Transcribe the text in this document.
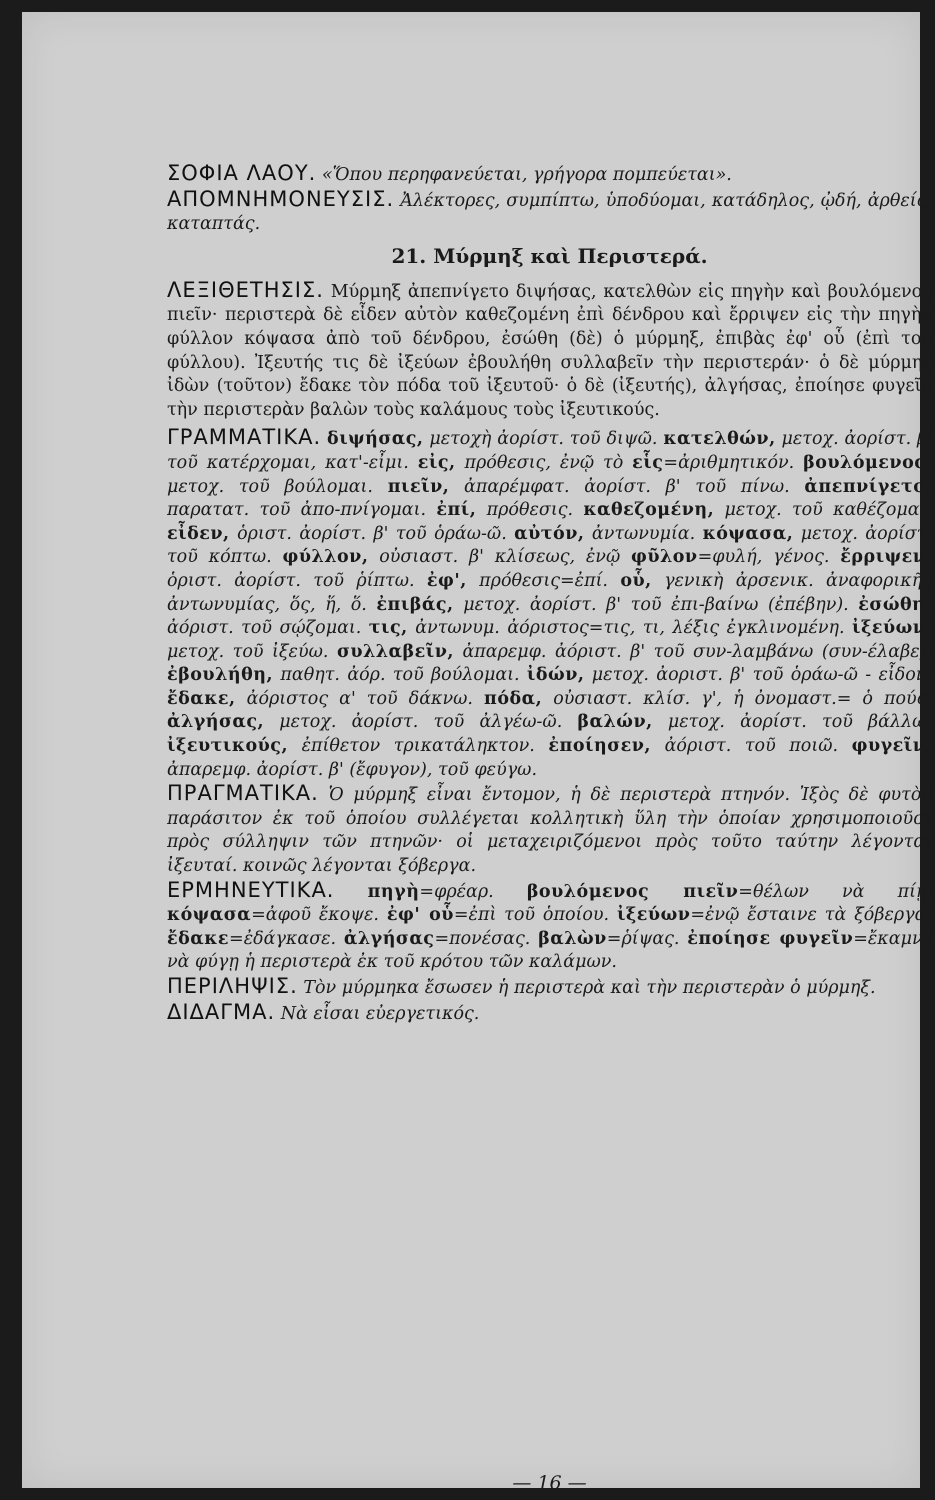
ΣΟΦΙΑ ΛΑΟΥ. «Ὅπου περηφανεύεται, γρήγορα πομπεύεται».

ΑΠΟΜΝΗΜΟΝΕΥΣΙΣ. Ἀλέκτορες, συμπίπτω, ὑποδύομαι, κατάδηλος, ᾠδή, ἀρθείς, καταπτάς.

21. Μύρμηξ καὶ Περιστερά.

ΛΕΞΙΘΕΤΗΣΙΣ. Μύρμηξ ἀπεπνίγετο διψήσας, κατελθὼν εἰς πηγὴν καὶ βουλόμενος πιεῖν· περιστερὰ δὲ εἶδεν αὐτὸν καθεζομένη ἐπὶ δένδρου καὶ ἔρριψεν εἰς τὴν πηγὴν φύλλον κόψασα ἀπὸ τοῦ δένδρου, ἐσώθη (δὲ) ὁ μύρμηξ, ἐπιβὰς ἐφ' οὗ (ἐπὶ τοῦ φύλλου). Ἰξευτής τις δὲ ἰξεύων ἐβουλήθη συλλαβεῖν τὴν περιστεράν· ὁ δὲ μύρμηξ ἰδὼν (τοῦτον) ἔδακε τὸν πόδα τοῦ ἰξευτοῦ· ὁ δὲ (ἰξευτής), ἀλγήσας, ἐποίησε φυγεῖν τὴν περιστερὰν βαλὼν τοὺς καλάμους τοὺς ἰξευτικούς.

ΓΡΑΜΜΑΤΙΚΑ. διψήσας, μετοχὴ ἀορίστ. τοῦ διψῶ. κατελθών, μετοχ. ἀορίστ. β' τοῦ κατέρχομαι, κατ'-εἶμι. εἰς, πρόθεσις, ἐνῷ τὸ εἷς=ἀριθμητικόν. βουλόμενος, μετοχ. τοῦ βούλομαι. πιεῖν, ἀπαρέμφατ. ἀορίστ. β' τοῦ πίνω. ἀπεπνίγετο, παρατατ. τοῦ ἀπο-πνίγομαι. ἐπί, πρόθεσις. καθεζομένη, μετοχ. τοῦ καθέζομαι. εἶδεν, ὁριστ. ἀορίστ. β' τοῦ ὁράω-ῶ. αὐτόν, ἀντωνυμία. κόψασα, μετοχ. ἀορίστ. τοῦ κόπτω. φύλλον, οὐσιαστ. β' κλίσεως, ἐνῷ φῦλον=φυλή, γένος. ἔρριψεν, ὁριστ. ἀορίστ. τοῦ ῥίπτω. ἐφ', πρόθεσις=ἐπί. οὗ, γενικὴ ἀρσενικ. ἀναφορικῆς ἀντωνυμίας, ὅς, ἥ, ὅ. ἐπιβάς, μετοχ. ἀορίστ. β' τοῦ ἐπι-βαίνω (ἐπέβην). ἐσώθη, ἀόριστ. τοῦ σῴζομαι. τις, ἀντωνυμ. ἀόριστος=τις, τι, λέξις ἐγκλινομένη. ἰξεύων, μετοχ. τοῦ ἰξεύω. συλλαβεῖν, ἀπαρεμφ. ἀόριστ. β' τοῦ συν-λαμβάνω (συν-έλαβε). ἐβουλήθη, παθητ. ἀόρ. τοῦ βούλομαι. ἰδών, μετοχ. ἀοριστ. β' τοῦ ὁράω-ῶ - εἶδον. ἔδακε, ἀόριστος α' τοῦ δάκνω. πόδα, οὐσιαστ. κλίσ. γ', ἡ ὀνομαστ.= ὁ πούς. ἀλγήσας, μετοχ. ἀορίστ. τοῦ ἀλγέω-ῶ. βαλών, μετοχ. ἀορίστ. τοῦ βάλλω. ἰξευτικούς, ἐπίθετον τρικατάληκτον. ἐποίησεν, ἀόριστ. τοῦ ποιῶ. φυγεῖν, ἀπαρεμφ. ἀορίστ. β' (ἔφυγον), τοῦ φεύγω.

ΠΡΑΓΜΑΤΙΚΑ. Ὁ μύρμηξ εἶναι ἔντομον, ἡ δὲ περιστερὰ πτηνόν. Ἰξὸς δὲ φυτὸν παράσιτον ἐκ τοῦ ὁποίου συλλέγεται κολλητικὴ ὕλη τὴν ὁποίαν χρησιμοποιοῦσι πρὸς σύλληψιν τῶν πτηνῶν· οἱ μεταχειριζόμενοι πρὸς τοῦτο ταύτην λέγονται ἰξευταί. κοινῶς λέγονται ξόβεργα.

ΕΡΜΗΝΕΥΤΙΚΑ. πηγὴ=φρέαρ. βουλόμενος πιεῖν=θέλων νὰ πίῃ. κόψασα=ἀφοῦ ἔκοψε. ἐφ' οὗ=ἐπὶ τοῦ ὁποίου. ἰξεύων=ἐνῷ ἔσταινε τὰ ξόβεργα. ἔδακε=ἐδάγκασε. ἀλγήσας=πονέσας. βαλὼν=ῥίψας. ἐποίησε φυγεῖν=ἔκαμνε νὰ φύγῃ ἡ περιστερὰ ἐκ τοῦ κρότου τῶν καλάμων.

ΠΕΡΙΛΗΨΙΣ. Τὸν μύρμηκα ἔσωσεν ἡ περιστερὰ καὶ τὴν περιστερὰν ὁ μύρμηξ.

ΔΙΔΑΓΜΑ. Νὰ εἶσαι εὐεργετικός.

— 16 —
